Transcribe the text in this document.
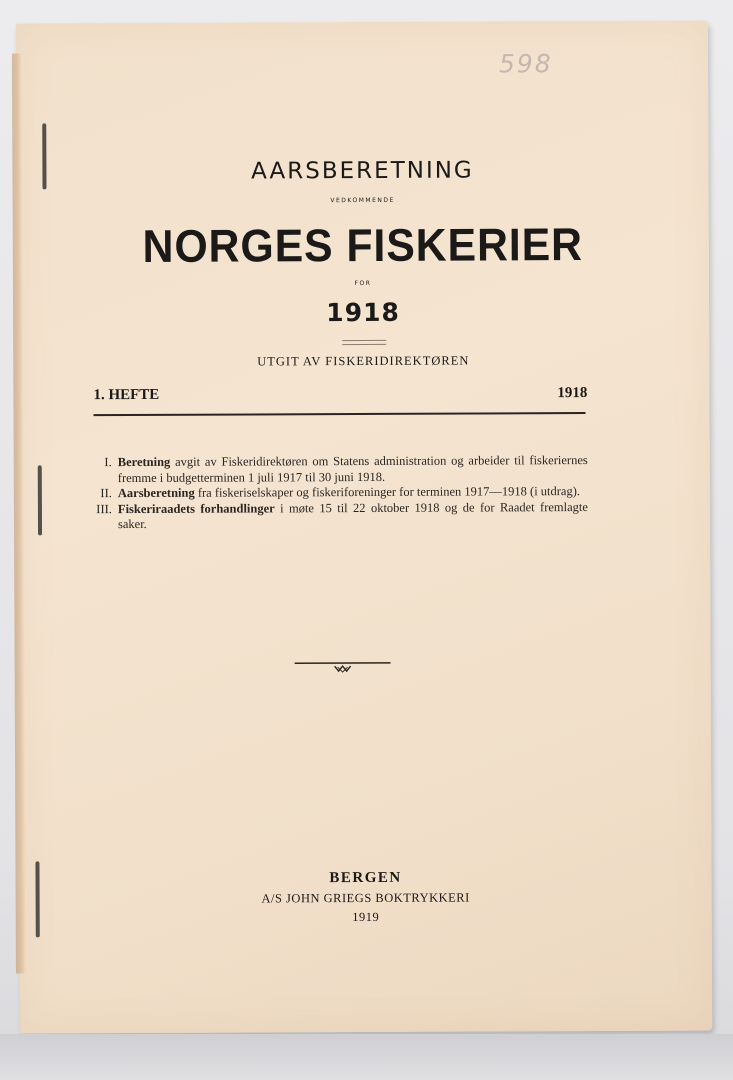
598
AARSBERETNING
VEDKOMMENDE
NORGES FISKERIER
FOR
1918
UTGIT AV FISKERIDIREKTØREN
1. HEFTE	1918
I. Beretning avgit av Fiskeridirektøren om Statens administration og arbeider til fiskeriernes fremme i budgetterminen 1 juli 1917 til 30 juni 1918.
II. Aarsberetning fra fiskeriselskaper og fiskeriforeninger for terminen 1917—1918 (i utdrag).
III. Fiskeriraadets forhandlinger i møte 15 til 22 oktober 1918 og de for Raadet fremlagte saker.
BERGEN
A/S JOHN GRIEGS BOKTRYKKERI
1919
